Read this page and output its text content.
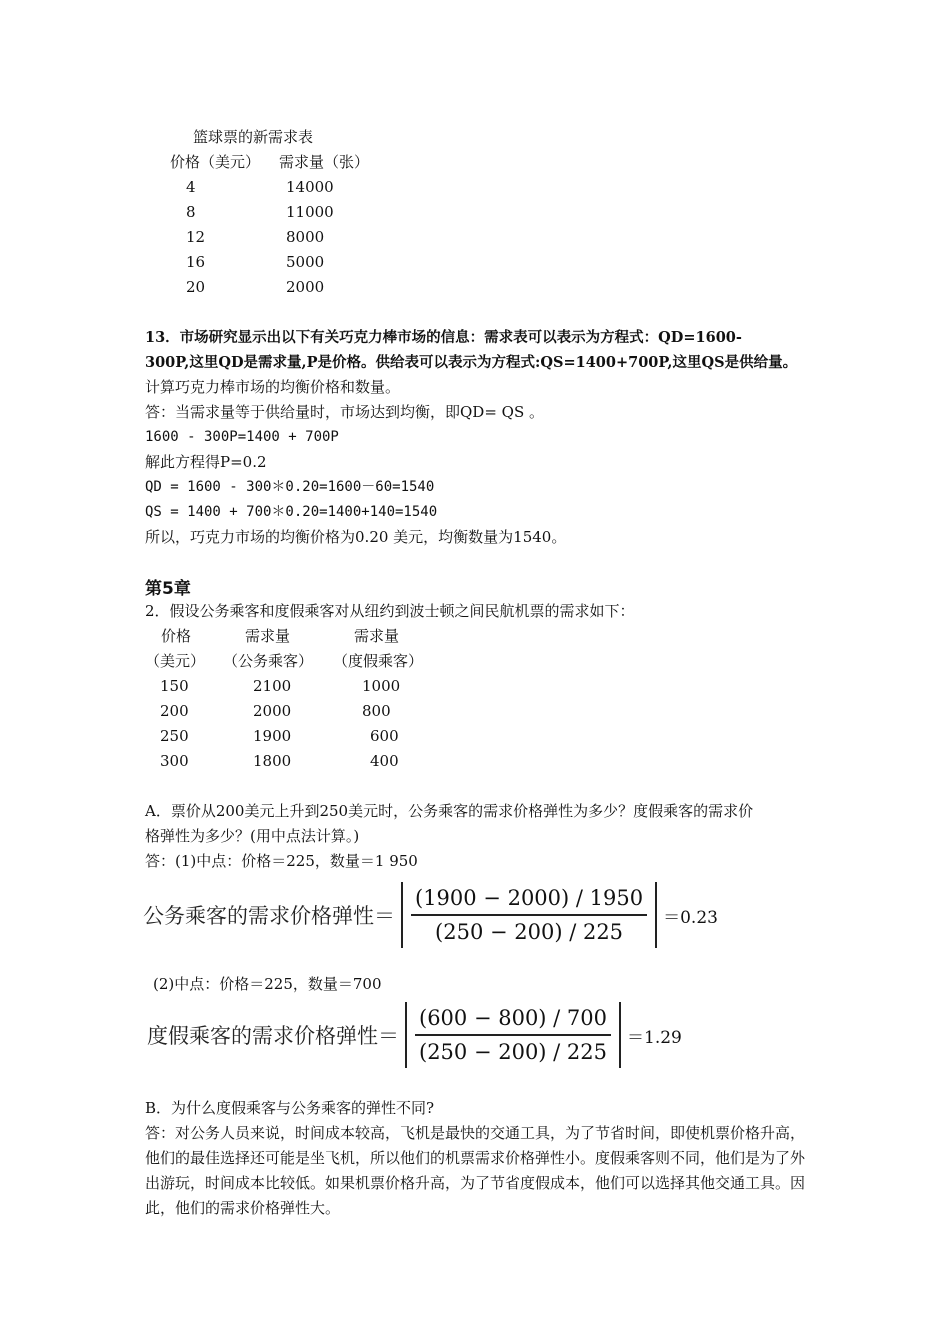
篮球票的新需求表
价格（美元） 需求量（张）
4	14000
8	11000
12	8000
16	5000
20	2000
13．市场研究显示出以下有关巧克力棒市场的信息：需求表可以表示为方程式：QD=1600-
300P,这里QD是需求量,P是价格。供给表可以表示为方程式:QS=1400+700P,这里QS是供给量。
计算巧克力棒市场的均衡价格和数量。
答：当需求量等于供给量时，市场达到均衡，即QD= QS 。
1600 - 300P=1400 + 700P
解此方程得P=0.2
QD = 1600 - 300＊0.20=1600－60=1540
QS = 1400 + 700＊0.20=1400+140=1540
所以，巧克力市场的均衡价格为0.20 美元，均衡数量为1540。
第5章
2．假设公务乘客和度假乘客对从纽约到波士顿之间民航机票的需求如下：
价格	需求量	需求量
（美元） （公务乘客） （度假乘客）
150	2100	1000
200	2000	800
250	1900	600
300	1800	400
A．票价从200美元上升到250美元时，公务乘客的需求价格弹性为多少？度假乘客的需求价
格弹性为多少？(用中点法计算。)
答：(1)中点：价格＝225，数量＝1 950
公务乘客的需求价格弹性＝ $\frac{(1900 - 2000) / 1950}{(250 - 200) / 225} =0.23$
(2)中点：价格＝225，数量＝700
度假乘客的需求价格弹性＝ $\frac{(600 - 800) / 700}{(250 - 200) / 225} =1.29$
B．为什么度假乘客与公务乘客的弹性不同?
答：对公务人员来说，时间成本较高，飞机是最快的交通工具，为了节省时间，即使机票价格升高，他们的最佳选择还可能是坐飞机，所以他们的机票需求价格弹性小。度假乘客则不同，他们是为了外出游玩，时间成本比较低。如果机票价格升高，为了节省度假成本，他们可以选择其他交通工具。因此，他们的需求价格弹性大。
